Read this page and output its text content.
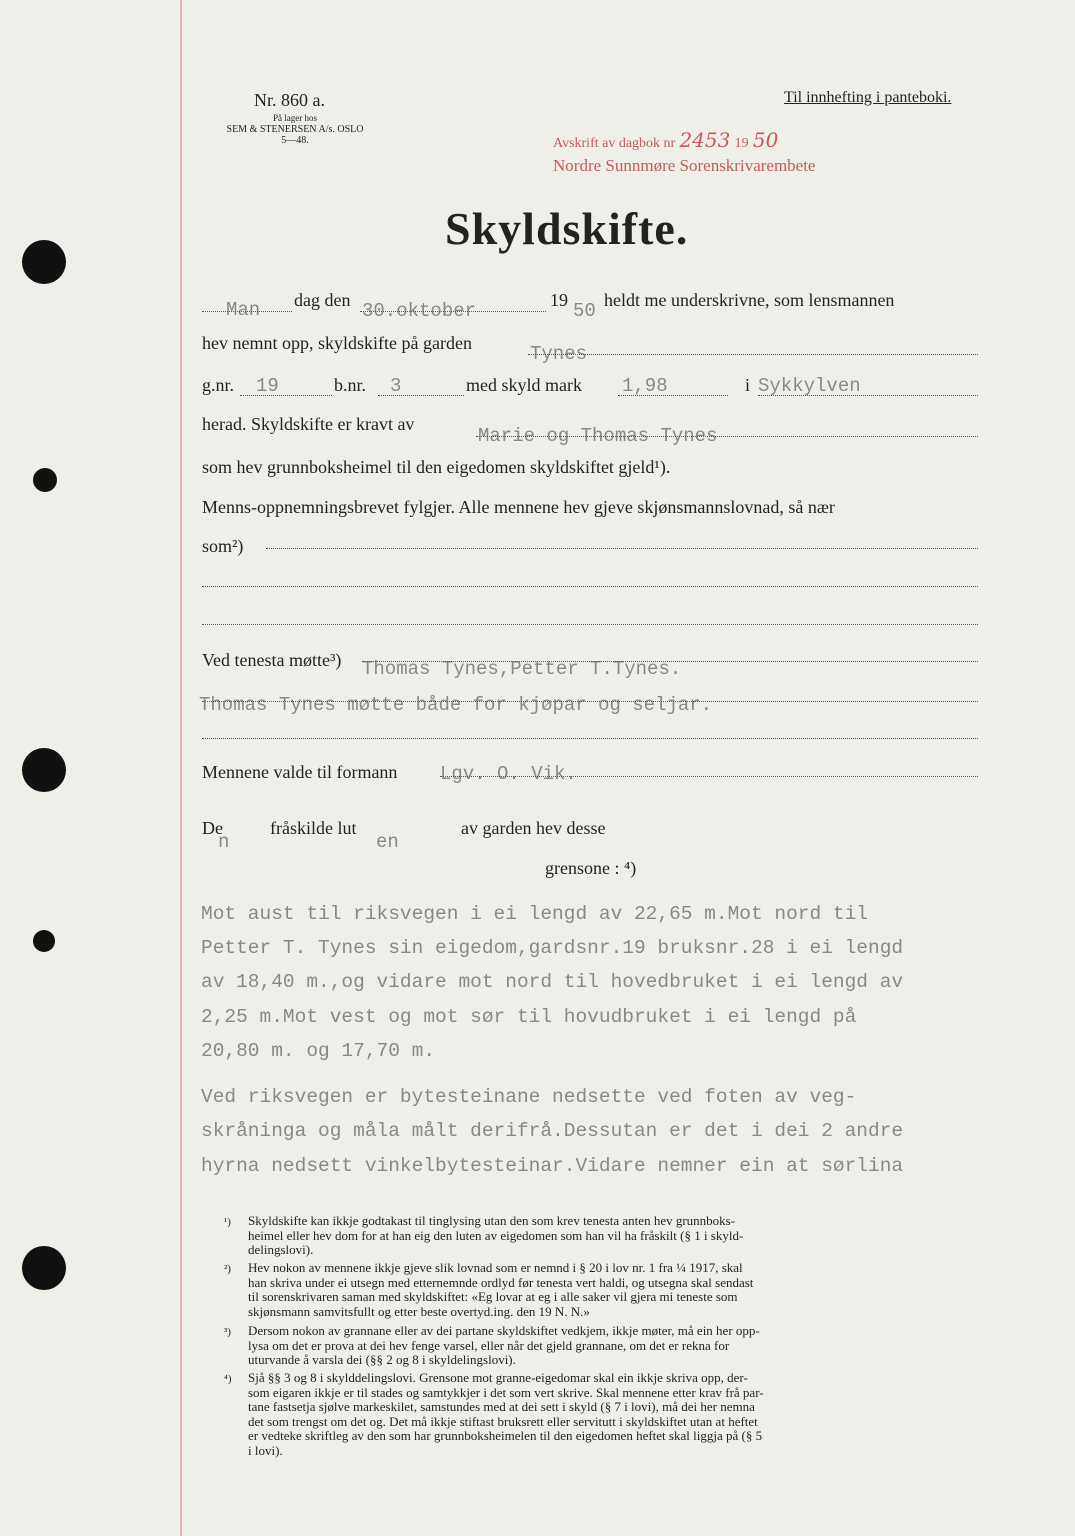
Nr. 860 a.
På lager hos
SEM & STENERSEN A/s. OSLO
5—48.
Til innhefting i panteboki.
Avskrift av dagbok nr 2453 19 50
Nordre Sunnmøre Sorenskrivarembete
Skyldskifte.
Man dag den 30.oktober	19 50 heldt me underskrivne, som lensmannen
hev nemnt opp, skyldskifte på garden	Tynes
g.nr. 19	b.nr. 3	med skyld mark 1,98	i Sykkylven
herad. Skyldskifte er kravt av
Marie og Thomas Tynes
som hev grunnboksheimel til den eigedomen skyldskiftet gjeld¹).
Menns-oppnemningsbrevet fylgjer. Alle mennene hev gjeve skjønsmannslovnad, så nær
som²)
Ved tenesta møtte³) Thomas Tynes,Petter T.Tynes.
Thomas Tynes møtte både for kjøpar og seljar.
Mennene valde til formann Lgv. O. Vik.
De
n
fråskilde lut
en
av garden hev desse
grensone : ⁴)
Mot aust til riksvegen i ei lengd av 22,65 m.Mot nord til
Petter T. Tynes sin eigedom,gardsnr.19 bruksnr.28 i ei lengd
av 18,40 m.,og vidare mot nord til hovedbruket i ei lengd av
2,25 m.Mot vest og mot sør til hovudbruket i ei lengd på
20,80 m. og 17,70 m.
Ved riksvegen er bytesteinane nedsette ved foten av veg-
skråninga og måla målt derifrå.Dessutan er det i dei 2 andre
hyrna nedsett vinkelbytesteinar.Vidare nemner ein at sørlina
¹) Skyldskifte kan ikkje godtakast til tinglysing utan den som krev tenesta anten hev grunnboks-
heimel eller hev dom for at han eig den luten av eigedomen som han vil ha fråskilt (§ 1 i skyld-
delingslovi).
²) Hev nokon av mennene ikkje gjeve slik lovnad som er nemnd i § 20 i lov nr. 1 fra ¼ 1917, skal
han skriva under ei utsegn med etternemnde ordlyd før tenesta vert haldi, og utsegna skal sendast
til sorenskrivaren saman med skyldskiftet: «Eg lovar at eg i alle saker vil gjera mi teneste som
skjønsmann samvitsfullt og etter beste overtyd.ing. den 19 N. N.»
³) Dersom nokon av grannane eller av dei partane skyldskiftet vedkjem, ikkje møter, må ein her opp-
lysa om det er prova at dei hev fenge varsel, eller når det gjeld grannane, om det er rekna for
uturvande å varsla dei (§§ 2 og 8 i skyldelingslovi).
⁴) Sjå §§ 3 og 8 i skylddelingslovi. Grensone mot granne-eigedomar skal ein ikkje skriva opp, der-
som eigaren ikkje er til stades og samtykkjer i det som vert skrive. Skal mennene etter krav frå par-
tane fastsetja sjølve markeskilet, samstundes med at dei sett i skyld (§ 7 i lovi), må dei her nemna
det som trengst om det og. Det må ikkje stiftast bruksrett eller servitutt i skyldskiftet utan at heftet
er vedteke skriftleg av den som har grunnboksheimelen til den eigedomen heftet skal liggja på (§ 5
i lovi).
